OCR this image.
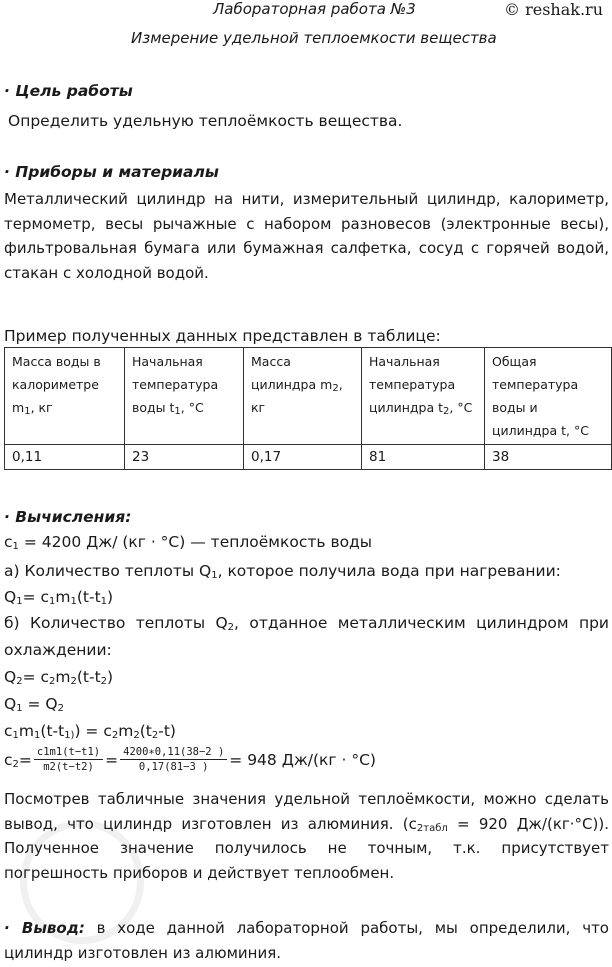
Лабораторная работа №3	© reshak.ru
Измерение удельной теплоемкости вещества
· Цель работы
Определить удельную теплоёмкость вещества.
· Приборы и материалы
Металлический цилиндр на нити, измерительный цилиндр, калориметр, термометр, весы рычажные с набором разновесов (электронные весы), фильтровальная бумага или бумажная салфетка, сосуд с горячей водой, стакан с холодной водой.
Пример полученных данных представлен в таблице:
Масса воды в калориметре $m_1$, кг	Начальная температура воды $t_1$, °C	Масса цилиндра $m_2$, кг	Начальная температура цилиндра $t_2$, °C	Общая температура воды и цилиндра t, °C
0,11	23	0,17	81	38
· Вычисления:
$c_1 = 4200$ Дж/ (кг · °С) — теплоёмкость воды
а) Количество теплоты $Q_1$, которое получила вода при нагревании:
$Q_1= c_1m_1(t-t_1)$
б) Количество теплоты $Q_2$, отданное металлическим цилиндром при
охлаждении:
$Q_2= c_2m_2(t-t_2)$
$Q_1 = Q_2$
$c_1m_1(t-t_{1)}) = c_2m_2(t_2-t)$
$c_2= \frac{c1m1(t-t1)}{m2(t-t2)} = \frac{4200∗0,11(38-2 )}{0,17(81-3 )} = 948$ Дж/(кг · °С)
Посмотрев табличные значения удельной теплоёмкости, можно сделать вывод, что цилиндр изготовлен из алюминия. ($c_{2табл} = 920$ Дж/(кг·°С)). Полученное значение получилось не точным, т.к. присутствует погрешность приборов и действует теплообмен.
· Вывод: в ходе данной лабораторной работы, мы определили, что цилиндр изготовлен из алюминия.
